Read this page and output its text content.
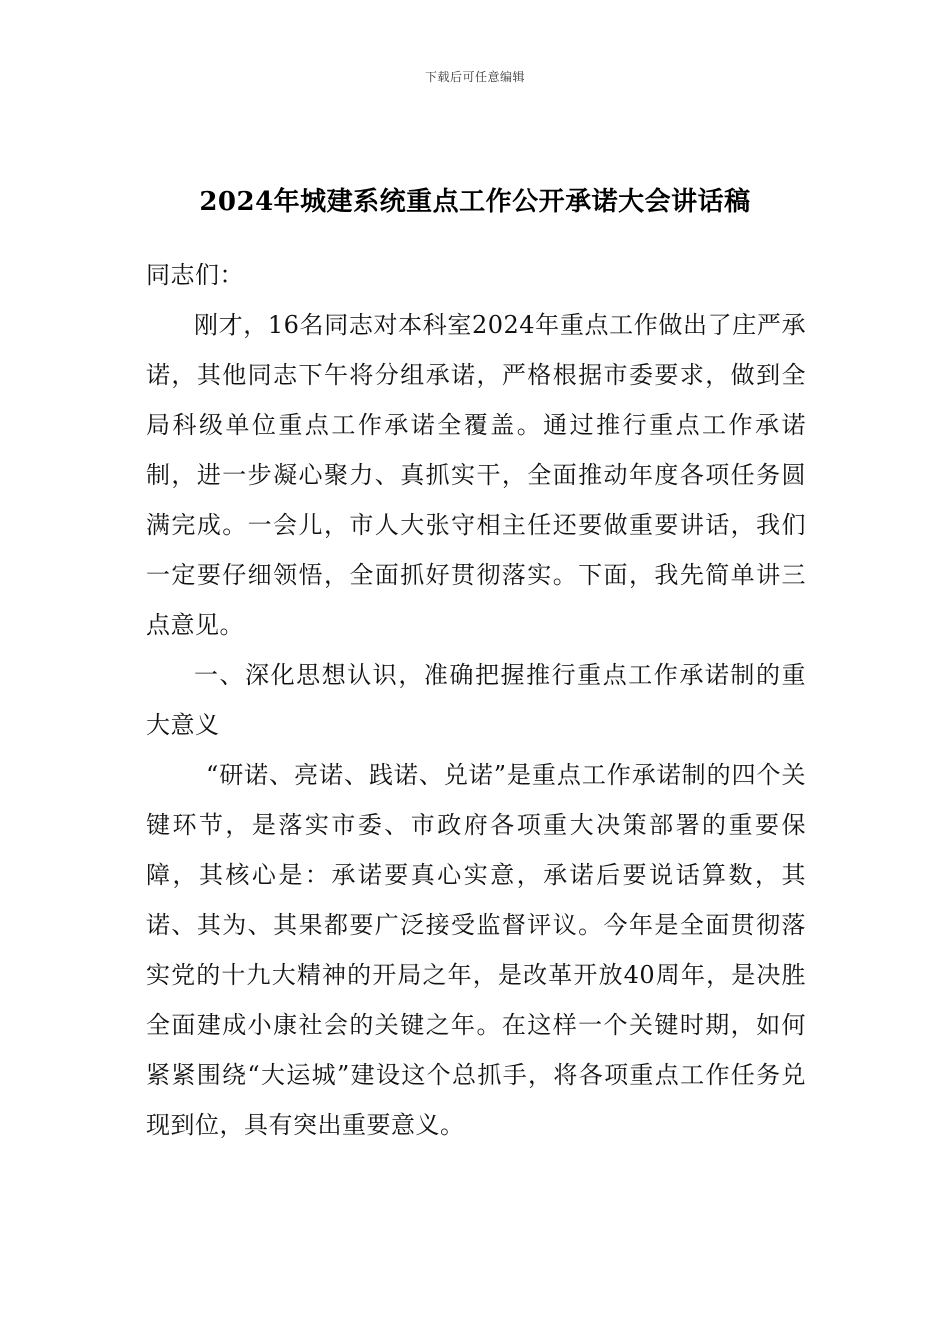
下载后可任意编辑
2024年城建系统重点工作公开承诺大会讲话稿

同志们：

刚才，16名同志对本科室2024年重点工作做出了庄严承诺，其他同志下午将分组承诺，严格根据市委要求，做到全局科级单位重点工作承诺全覆盖。通过推行重点工作承诺制，进一步凝心聚力、真抓实干，全面推动年度各项任务圆满完成。一会儿，市人大张守相主任还要做重要讲话，我们一定要仔细领悟，全面抓好贯彻落实。下面，我先简单讲三点意见。

一、深化思想认识，准确把握推行重点工作承诺制的重大意义

“研诺、亮诺、践诺、兑诺”是重点工作承诺制的四个关键环节，是落实市委、市政府各项重大决策部署的重要保障，其核心是：承诺要真心实意，承诺后要说话算数，其诺、其为、其果都要广泛接受监督评议。今年是全面贯彻落实党的十九大精神的开局之年，是改革开放40周年，是决胜全面建成小康社会的关键之年。在这样一个关键时期，如何紧紧围绕“大运城”建设这个总抓手，将各项重点工作任务兑现到位，具有突出重要意义。
